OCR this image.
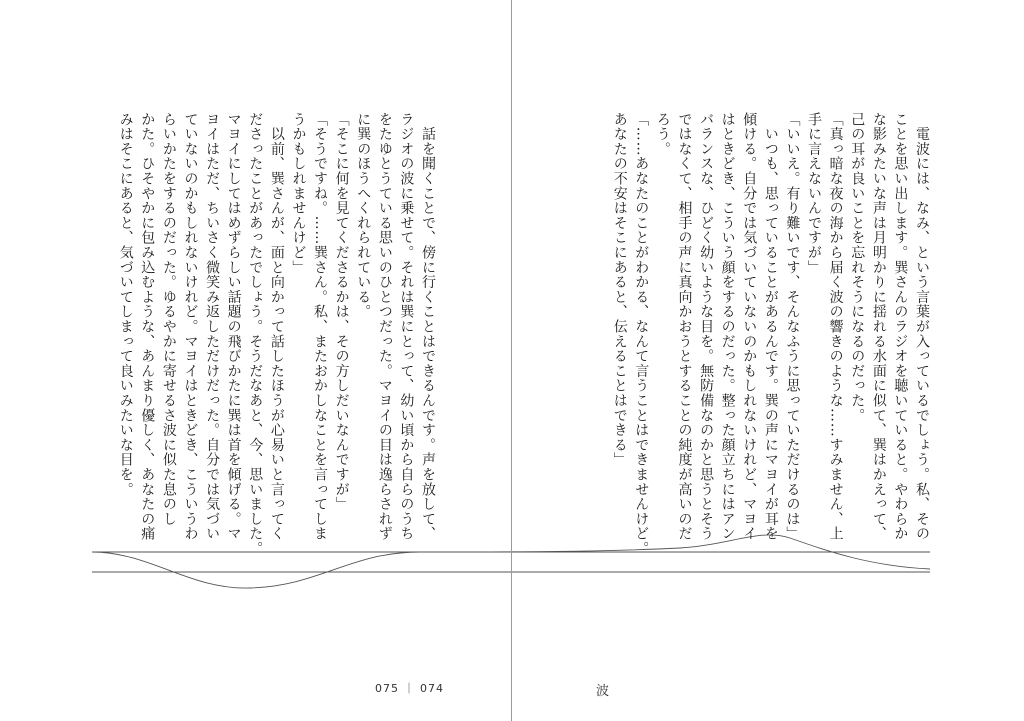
　話を聞くことで、傍に行くことはできるんです。声を放して、
ラジオの波に乗せて。それは巽にとって、幼い頃から自らのうち
をたゆとうている思いのひとつだった。マヨイの目は逸らされず
に巽のほうへくれられている。
「そこに何を見てくださるかは、その方しだいなんですが」
「そうですね。……巽さん。私、またおかしなことを言ってしま
うかもしれませんけど」
　以前、巽さんが、面と向かって話したほうが心易いと言ってく
ださったことがあったでしょう。そうだなあと、今、思いました。
マヨイにしてはめずらしい話題の飛びかたに巽は首を傾げる。マ
ヨイはただ、ちいさく微笑み返しただけだった。自分では気づい
ていないのかもしれないけれど。マヨイはときどき、こういうわ
らいかたをするのだった。ゆるやかに寄せるさ波に似た息のし
かた。ひそやかに包み込むような、あんまり優しく、あなたの痛
みはそこにあると、気づいてしまって良いみたいな目を。
075 ｜ 074
　電波には、なみ、という言葉が入っているでしょう。私、その
ことを思い出します。巽さんのラジオを聴いていると。やわらか
な影みたいな声は月明かりに揺れる水面に似て、巽はかえって、
己の耳が良いことを忘れそうになるのだった。
「真っ暗な夜の海から届く波の響きのような……すみません、上
手に言えないんですが」
「いいえ。有り難いです、そんなふうに思っていただけるのは」
　いつも、思っていることがあるんです。巽の声にマヨイが耳を
傾ける。自分では気づいていないのかもしれないけれど、マヨイ
はときどき、こういう顔をするのだった。整った顔立ちにはアン
バランスな、ひどく幼いような目を。無防備なのかと思うとそう
ではなくて、相手の声に真向かおうとすることの純度が高いのだ
ろう。
「……あなたのことがわかる、なんて言うことはできませんけど。
あなたの不安はそこにあると、伝えることはできる」
波
